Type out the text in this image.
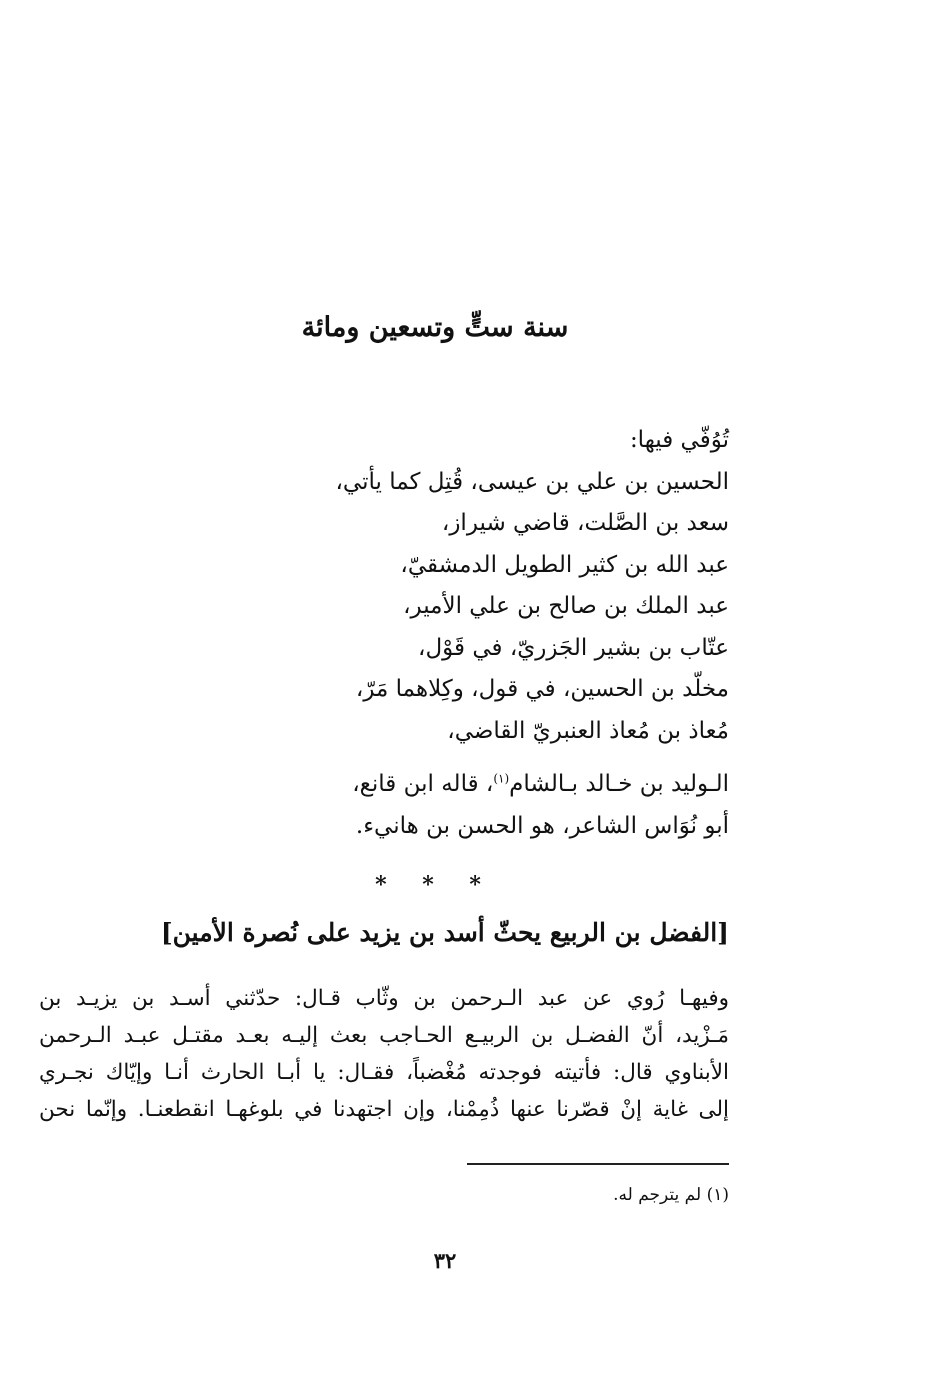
سنة ستٍّ وتسعين ومائة
تُوُفّي فيها:
الحسين بن علي بن عيسى، قُتِل كما يأتي،
سعد بن الصَّلت، قاضي شيراز،
عبد الله بن كثير الطويل الدمشقيّ،
عبد الملك بن صالح بن علي الأمير،
عتّاب بن بشير الجَزريّ، في قَوْل،
مخلّد بن الحسين، في قول، وكِلاهما مَرّ،
مُعاذ بن مُعاذ العنبريّ القاضي،
الـوليد بن خـالد بـالشام$^{(١)}$، قاله ابن قانع،
أبو نُوَاس الشاعر، هو الحسن بن هانيء.
* * *
[الفضل بن الربيع يحثّ أسد بن يزيد على نُصرة الأمين]
وفيهـا رُوي عن عبد الـرحمن بن وثّاب قـال: حدّثني أسـد بن يزيـد بن
مَـزْيد، أنّ الفضـل بن الربيـع الحـاجب بعث إليـه بعـد مقتـل عبـد الـرحمن
الأبناوي قال: فأتيته فوجدته مُغْضباً، فقـال: يا أبـا الحارث أنـا وإيّاك نجـري
إلى غاية إنْ قصّرنا عنها ذُمِمْنا، وإن اجتهدنا في بلوغهـا انقطعنـا. وإنّما نحن
(١) لم يترجم له.
٣٢
